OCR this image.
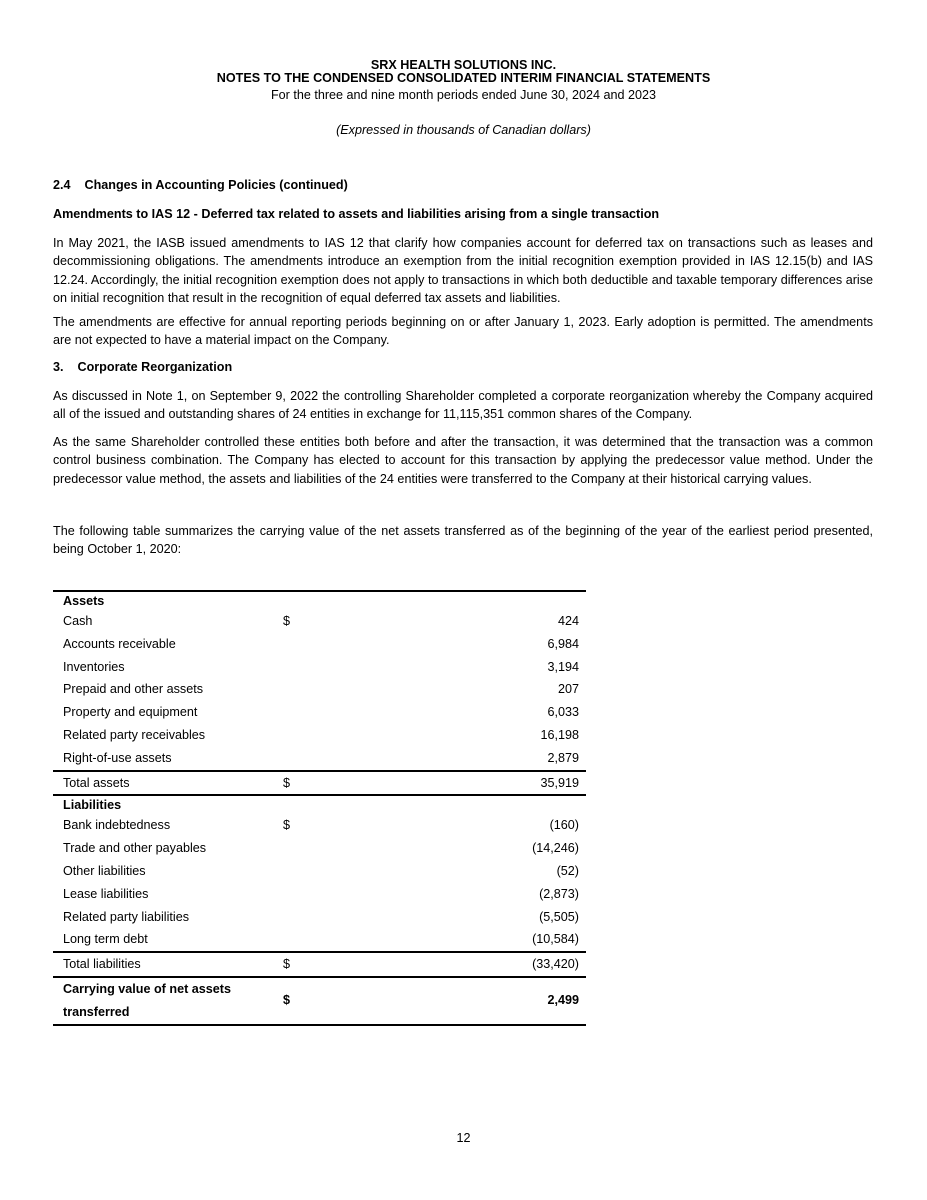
SRX HEALTH SOLUTIONS INC.
NOTES TO THE CONDENSED CONSOLIDATED INTERIM FINANCIAL STATEMENTS
For the three and nine month periods ended June 30, 2024 and 2023
(Expressed in thousands of Canadian dollars)
2.4    Changes in Accounting Policies (continued)
Amendments to IAS 12 - Deferred tax related to assets and liabilities arising from a single transaction

In May 2021, the IASB issued amendments to IAS 12 that clarify how companies account for deferred tax on transactions such as leases and decommissioning obligations. The amendments introduce an exemption from the initial recognition exemption provided in IAS 12.15(b) and IAS 12.24. Accordingly, the initial recognition exemption does not apply to transactions in which both deductible and taxable temporary differences arise on initial recognition that result in the recognition of equal deferred tax assets and liabilities.

The amendments are effective for annual reporting periods beginning on or after January 1, 2023. Early adoption is permitted. The amendments are not expected to have a material impact on the Company.

3.    Corporate Reorganization

As discussed in Note 1, on September 9, 2022 the controlling Shareholder completed a corporate reorganization whereby the Company acquired all of the issued and outstanding shares of 24 entities in exchange for 11,115,351 common shares of the Company.

As the same Shareholder controlled these entities both before and after the transaction, it was determined that the transaction was a common control business combination. The Company has elected to account for this transaction by applying the predecessor value method. Under the predecessor value method, the assets and liabilities of the 24 entities were transferred to the Company at their historical carrying values.

The following table summarizes the carrying value of the net assets transferred as of the beginning of the year of the earliest period presented, being October 1, 2020:

Assets		
Cash	$	424
Accounts receivable		6,984
Inventories		3,194
Prepaid and other assets		207
Property and equipment		6,033
Related party receivables		16,198
Right-of-use assets		2,879
Total assets	$	35,919
Liabilities		
Bank indebtedness	$	(160)
Trade and other payables		(14,246)
Other liabilities		(52)
Lease liabilities		(2,873)
Related party liabilities		(5,505)
Long term debt		(10,584)
Total liabilities	$	(33,420)
Carrying value of net assets transferred	$	2,499
12
